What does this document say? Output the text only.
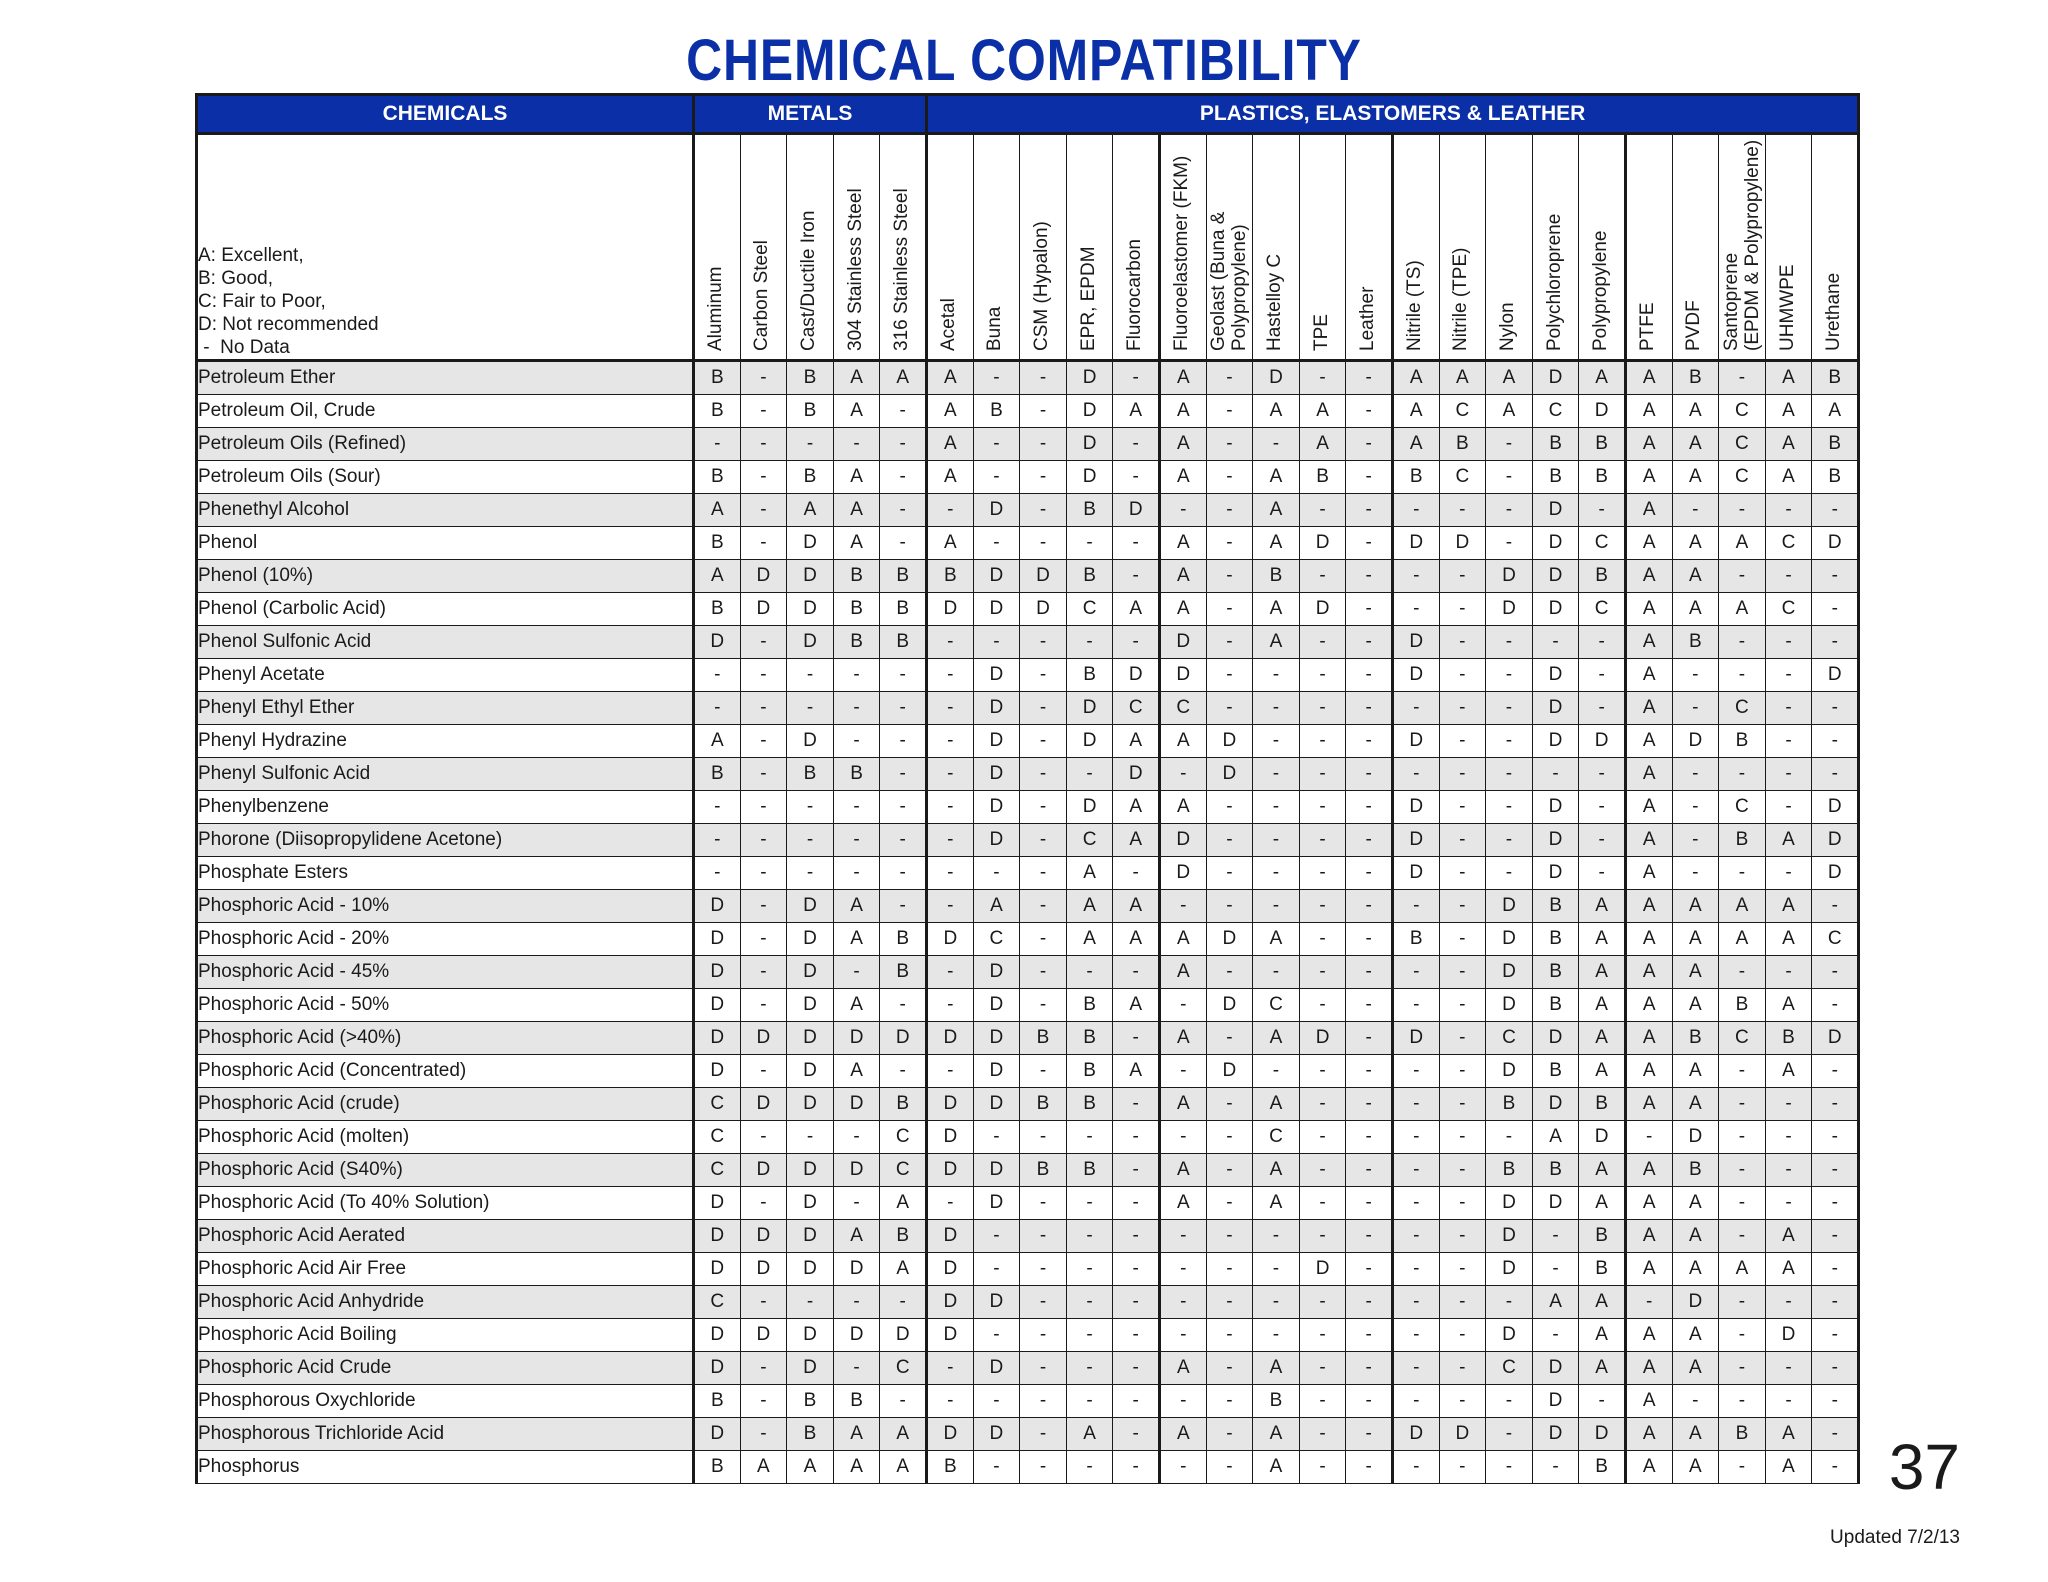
CHEMICAL COMPATIBILITY
CHEMICALS	METALS					PLASTICS, ELASTOMERS & LEATHER																			

A: Excellent,
B: Good,
C: Fair to Poor,
D: Not recommended
-  No Data	Aluminum	Carbon Steel	Cast/Ductile Iron	304 Stainless Steel	316 Stainless Steel	Acetal	Buna	CSM (Hypalon)	EPR, EPDM	Fluorocarbon	Fluoroelastomer (FKM)	Geolast (Buna & Polypropylene)	Hastelloy C	TPE	Leather	Nitrile (TS)	Nitrile (TPE)	Nylon	Polychloroprene	Polypropylene	PTFE	PVDF	Santoprene (EPDM & Polypropylene)	UHMWPE	Urethane

Petroleum Ether	B	-	B	A	A	A	-	-	D	-	A	-	D	-	-	A	A	A	D	A	A	B	-	A	B
Petroleum Oil, Crude	B	-	B	A	-	A	B	-	D	A	A	-	A	A	-	A	C	A	C	D	A	A	C	A	A
Petroleum Oils (Refined)	-	-	-	-	-	A	-	-	D	-	A	-	-	A	-	A	B	-	B	B	A	A	C	A	B
Petroleum Oils (Sour)	B	-	B	A	-	A	-	-	D	-	A	-	A	B	-	B	C	-	B	B	A	A	C	A	B
Phenethyl Alcohol	A	-	A	A	-	-	D	-	B	D	-	-	A	-	-	-	-	-	D	-	A	-	-	-	-
Phenol	B	-	D	A	-	A	-	-	-	-	A	-	A	D	-	D	D	-	D	C	A	A	A	C	D
Phenol (10%)	A	D	D	B	B	B	D	D	B	-	A	-	B	-	-	-	-	D	D	B	A	A	-	-	-
Phenol (Carbolic Acid)	B	D	D	B	B	D	D	D	C	A	A	-	A	D	-	-	-	D	D	C	A	A	A	C	-
Phenol Sulfonic Acid	D	-	D	B	B	-	-	-	-	-	D	-	A	-	-	D	-	-	-	-	A	B	-	-	-
Phenyl Acetate	-	-	-	-	-	-	D	-	B	D	D	-	-	-	-	D	-	-	D	-	A	-	-	-	D
Phenyl Ethyl Ether	-	-	-	-	-	-	D	-	D	C	C	-	-	-	-	-	-	-	D	-	A	-	C	-	-
Phenyl Hydrazine	A	-	D	-	-	-	D	-	D	A	A	D	-	-	-	D	-	-	D	D	A	D	B	-	-
Phenyl Sulfonic Acid	B	-	B	B	-	-	D	-	-	D	-	D	-	-	-	-	-	-	-	-	A	-	-	-	-
Phenylbenzene	-	-	-	-	-	-	D	-	D	A	A	-	-	-	-	D	-	-	D	-	A	-	C	-	D
Phorone (Diisopropylidene Acetone)	-	-	-	-	-	-	D	-	C	A	D	-	-	-	-	D	-	-	D	-	A	-	B	A	D
Phosphate Esters	-	-	-	-	-	-	-	-	A	-	D	-	-	-	-	D	-	-	D	-	A	-	-	-	D
Phosphoric Acid - 10%	D	-	D	A	-	-	A	-	A	A	-	-	-	-	-	-	-	D	B	A	A	A	A	A	-
Phosphoric Acid - 20%	D	-	D	A	B	D	C	-	A	A	A	D	A	-	-	B	-	D	B	A	A	A	A	A	C
Phosphoric Acid - 45%	D	-	D	-	B	-	D	-	-	-	A	-	-	-	-	-	-	D	B	A	A	A	-	-	-
Phosphoric Acid - 50%	D	-	D	A	-	-	D	-	B	A	-	D	C	-	-	-	-	D	B	A	A	A	B	A	-
Phosphoric Acid (>40%)	D	D	D	D	D	D	D	B	B	-	A	-	A	D	-	D	-	C	D	A	A	B	C	B	D
Phosphoric Acid (Concentrated)	D	-	D	A	-	-	D	-	B	A	-	D	-	-	-	-	-	D	B	A	A	A	-	A	-
Phosphoric Acid (crude)	C	D	D	D	B	D	D	B	B	-	A	-	A	-	-	-	-	B	D	B	A	A	-	-	-
Phosphoric Acid (molten)	C	-	-	-	C	D	-	-	-	-	-	-	C	-	-	-	-	-	A	D	-	D	-	-	-
Phosphoric Acid (S40%)	C	D	D	D	C	D	D	B	B	-	A	-	A	-	-	-	-	B	B	A	A	B	-	-	-
Phosphoric Acid (To 40% Solution)	D	-	D	-	A	-	D	-	-	-	A	-	A	-	-	-	-	D	D	A	A	A	-	-	-
Phosphoric Acid Aerated	D	D	D	A	B	D	-	-	-	-	-	-	-	-	-	-	-	D	-	B	A	A	-	A	-
Phosphoric Acid Air Free	D	D	D	D	A	D	-	-	-	-	-	-	-	D	-	-	-	D	-	B	A	A	A	A	-
Phosphoric Acid Anhydride	C	-	-	-	-	D	D	-	-	-	-	-	-	-	-	-	-	-	A	A	-	D	-	-	-
Phosphoric Acid Boiling	D	D	D	D	D	D	-	-	-	-	-	-	-	-	-	-	-	D	-	A	A	A	-	D	-
Phosphoric Acid Crude	D	-	D	-	C	-	D	-	-	-	A	-	A	-	-	-	-	C	D	A	A	A	-	-	-
Phosphorous Oxychloride	B	-	B	B	-	-	-	-	-	-	-	-	B	-	-	-	-	-	D	-	A	-	-	-	-
Phosphorous Trichloride Acid	D	-	B	A	A	D	D	-	A	-	A	-	A	-	-	D	D	-	D	D	A	A	B	A	-
Phosphorus	B	A	A	A	A	B	-	-	-	-	-	-	A	-	-	-	-	-	-	B	A	A	-	A	- 37
Updated 7/2/13
